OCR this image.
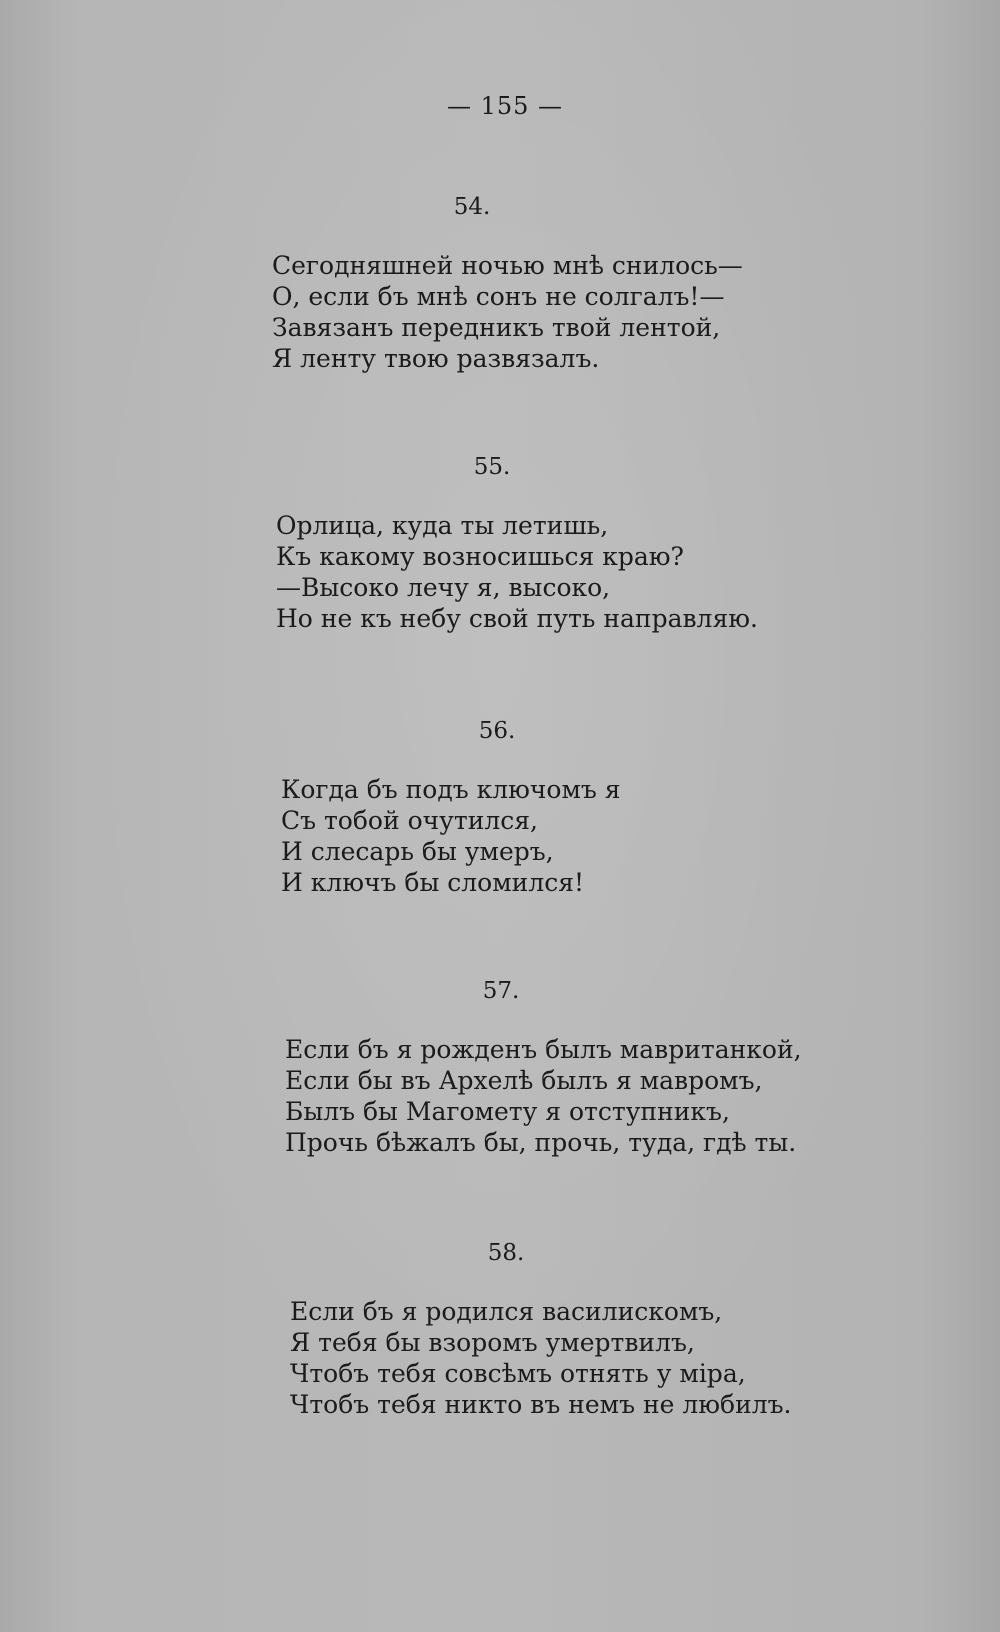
— 155 —
54.
Сегодняшней ночью мнѣ снилось—
О, если бъ мнѣ сонъ не солгалъ!—
Завязанъ передникъ твой лентой,
Я ленту твою развязалъ.
55.
Орлица, куда ты летишь,
Къ какому возносишься краю?
—Высоко лечу я, высоко,
Но не къ небу свой путь направляю.
56.
Когда бъ подъ ключомъ я
Съ тобой очутился,
И слесарь бы умеръ,
И ключъ бы сломился!
57.
Если бъ я рожденъ былъ мавританкой,
Если бы въ Архелѣ былъ я мавромъ,
Былъ бы Магомету я отступникъ,
Прочь бѣжалъ бы, прочь, туда, гдѣ ты.
58.
Если бъ я родился василискомъ,
Я тебя бы взоромъ умертвилъ,
Чтобъ тебя совсѣмъ отнять у міра,
Чтобъ тебя никто въ немъ не любилъ.
